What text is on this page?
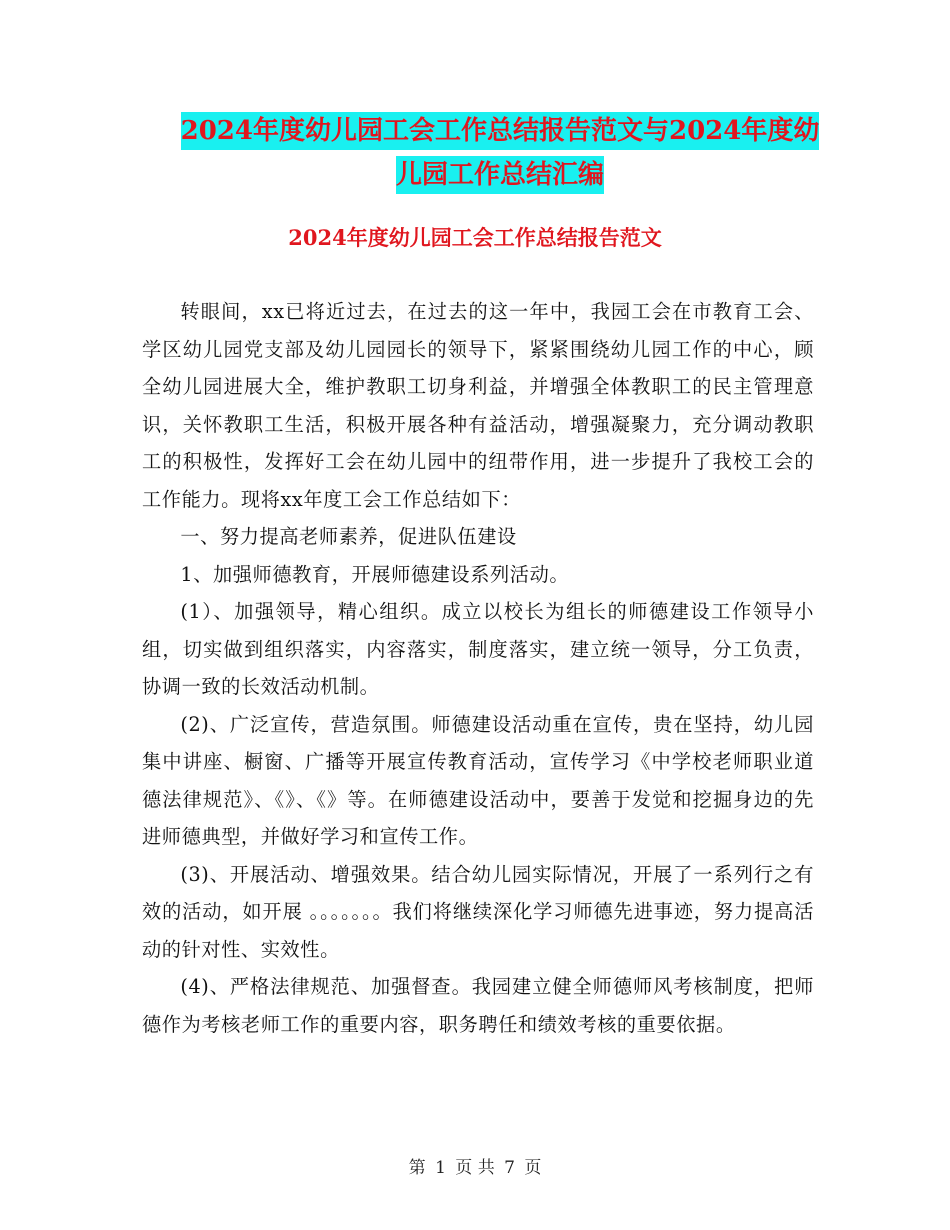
2024年度幼儿园工会工作总结报告范文与2024年度幼
儿园工作总结汇编
2024年度幼儿园工会工作总结报告范文

转眼间，xx已将近过去，在过去的这一年中，我园工会在市教育工会、学区幼儿园党支部及幼儿园园长的领导下，紧紧围绕幼儿园工作的中心，顾全幼儿园进展大全，维护教职工切身利益，并增强全体教职工的民主管理意识，关怀教职工生活，积极开展各种有益活动，增强凝聚力，充分调动教职工的积极性，发挥好工会在幼儿园中的纽带作用，进一步提升了我校工会的工作能力。现将xx年度工会工作总结如下：

一、努力提高老师素养，促进队伍建设

1、加强师德教育，开展师德建设系列活动。

(1）、加强领导，精心组织。成立以校长为组长的师德建设工作领导小组，切实做到组织落实，内容落实，制度落实，建立统一领导，分工负责，协调一致的长效活动机制。

(2)、广泛宣传，营造氛围。师德建设活动重在宣传，贵在坚持，幼儿园集中讲座、橱窗、广播等开展宣传教育活动，宣传学习《中学校老师职业道德法律规范》、《》、《》等。在师德建设活动中，要善于发觉和挖掘身边的先进师德典型，并做好学习和宣传工作。

(3)、开展活动、增强效果。结合幼儿园实际情况，开展了一系列行之有效的活动，如开展 。。。。。。。我们将继续深化学习师德先进事迹，努力提高活动的针对性、实效性。

(4)、严格法律规范、加强督查。我园建立健全师德师风考核制度，把师德作为考核老师工作的重要内容，职务聘任和绩效考核的重要依据。

第 1 页 共 7 页
